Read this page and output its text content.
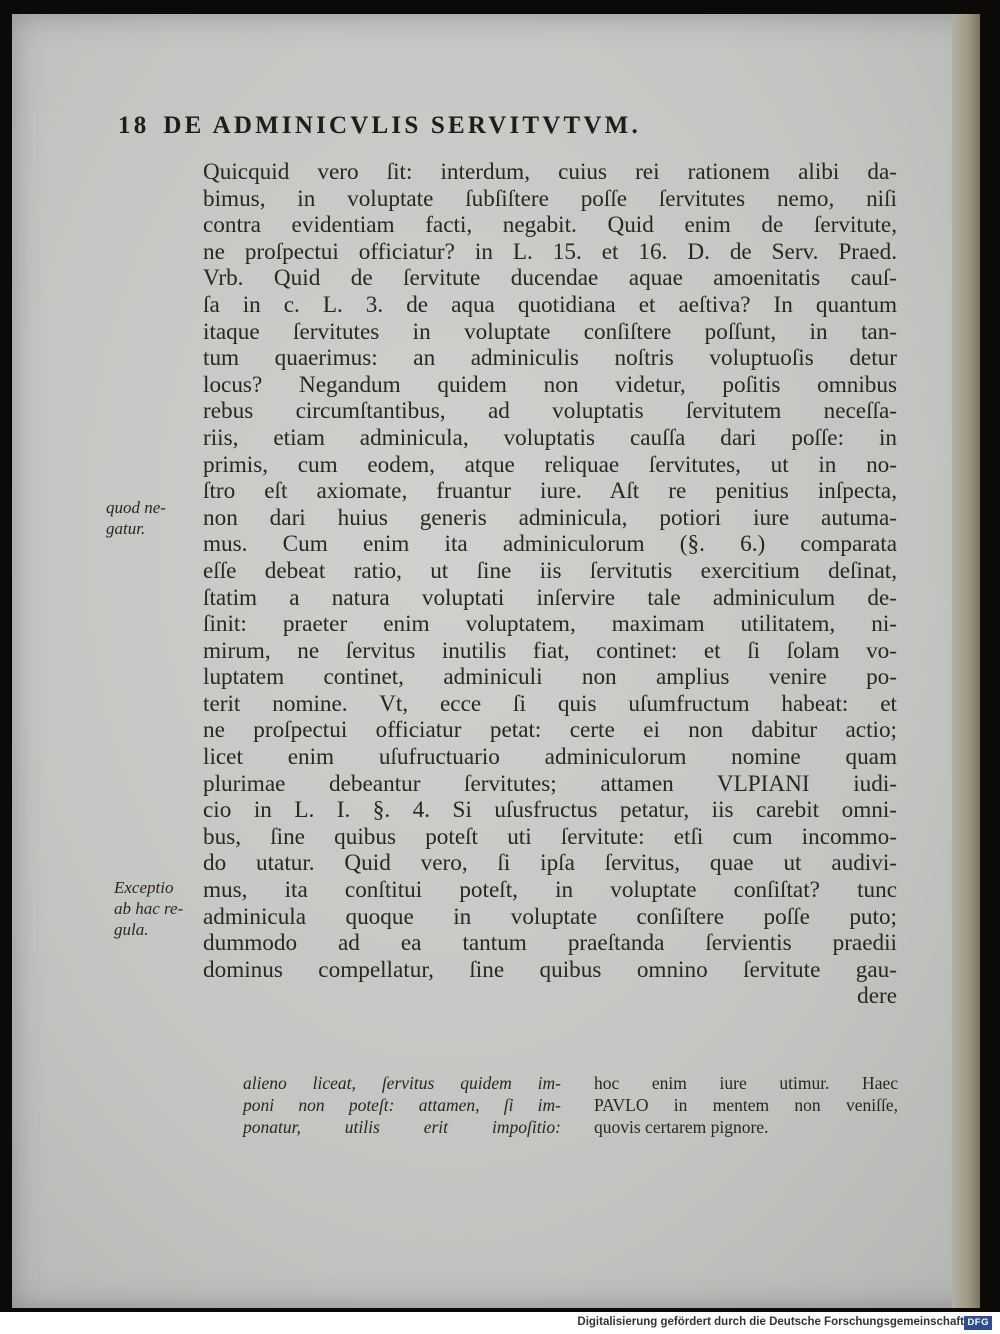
18 DE ADMINICVLIS SERVITVTVM.
Quicquid vero ſit: interdum, cuius rei rationem alibi da-
bimus, in voluptate ſubſiſtere poſſe ſervitutes nemo, niſi
contra evidentiam facti, negabit. Quid enim de ſervitute,
ne proſpectui officiatur? in L. 15. et 16. D. de Serv. Praed.
Vrb. Quid de ſervitute ducendae aquae amoenitatis cauſ-
ſa in c. L. 3. de aqua quotidiana et aeſtiva? In quantum
itaque ſervitutes in voluptate conſiſtere poſſunt, in tan-
tum quaerimus: an adminiculis noſtris voluptuoſis detur
locus? Negandum quidem non videtur, poſitis omnibus
rebus circumſtantibus, ad voluptatis ſervitutem neceſſa-
riis, etiam adminicula, voluptatis cauſſa dari poſſe: in
primis, cum eodem, atque reliquae ſervitutes, ut in no-
ſtro eſt axiomate, fruantur iure. Aſt re penitius inſpecta,
non dari huius generis adminicula, potiori iure autuma-
mus. Cum enim ita adminiculorum (§. 6.) comparata
eſſe debeat ratio, ut ſine iis ſervitutis exercitium deſinat,
ſtatim a natura voluptati inſervire tale adminiculum de-
ſinit: praeter enim voluptatem, maximam utilitatem, ni-
mirum, ne ſervitus inutilis fiat, continet: et ſi ſolam vo-
luptatem continet, adminiculi non amplius venire po-
terit nomine. Vt, ecce ſi quis uſumfructum habeat: et
ne proſpectui officiatur petat: certe ei non dabitur actio;
licet enim uſufructuario adminiculorum nomine quam
plurimae debeantur ſervitutes; attamen VLPIANI iudi-
cio in L. I. §. 4. Si uſusfructus petatur, iis carebit omni-
bus, ſine quibus poteſt uti ſervitute: etſi cum incommo-
do utatur. Quid vero, ſi ipſa ſervitus, quae ut audivi-
mus, ita conſtitui poteſt, in voluptate conſiſtat? tunc
adminicula quoque in voluptate conſiſtere poſſe puto;
dummodo ad ea tantum praeſtanda ſervientis praedii
dominus compellatur, ſine quibus omnino ſervitute gau-
dere
quod ne-
gatur.
Exceptio
ab hac re-
gula.
alieno liceat, ſervitus quidem im-
poni non poteſt: attamen, ſi im-
ponatur, utilis erit impoſitio:
hoc enim iure utimur. Haec
PAVLO in mentem non veniſſe,
quovis certarem pignore.
Digitalisierung gefördert durch die Deutsche Forschungsgemeinschaft DFG
